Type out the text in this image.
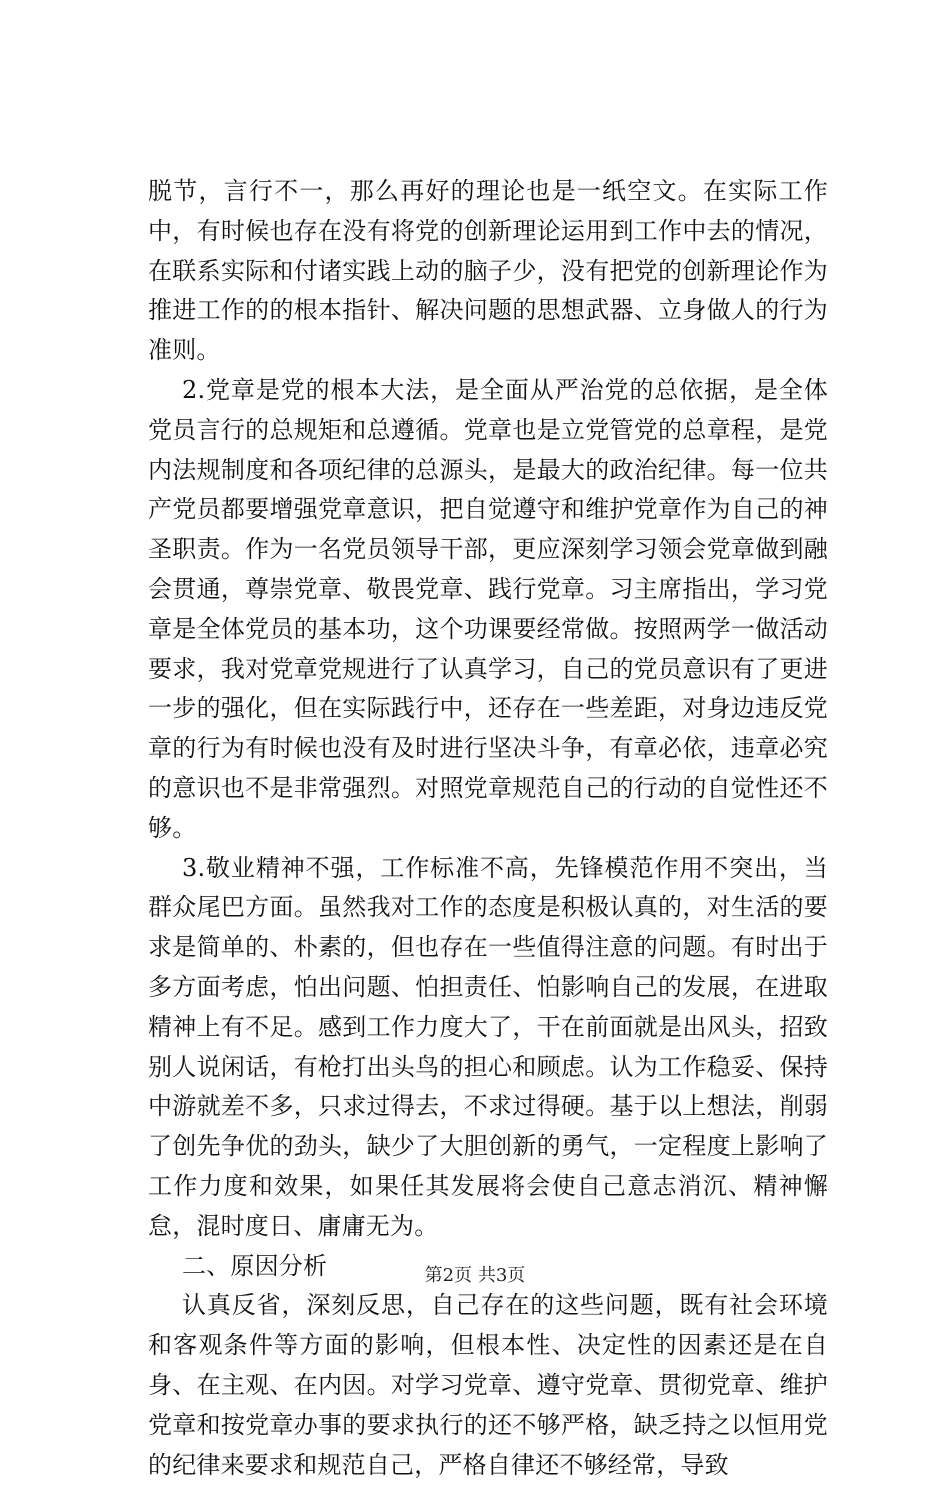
脱节，言行不一，那么再好的理论也是一纸空文。在实际工作中，有时候也存在没有将党的创新理论运用到工作中去的情况，在联系实际和付诸实践上动的脑子少，没有把党的创新理论作为推进工作的的根本指针、解决问题的思想武器、立身做人的行为准则。

2.党章是党的根本大法，是全面从严治党的总依据，是全体党员言行的总规矩和总遵循。党章也是立党管党的总章程，是党内法规制度和各项纪律的总源头，是最大的政治纪律。每一位共产党员都要增强党章意识，把自觉遵守和维护党章作为自己的神圣职责。作为一名党员领导干部，更应深刻学习领会党章做到融会贯通，尊崇党章、敬畏党章、践行党章。习主席指出，学习党章是全体党员的基本功，这个功课要经常做。按照两学一做活动要求，我对党章党规进行了认真学习，自己的党员意识有了更进一步的强化，但在实际践行中，还存在一些差距，对身边违反党章的行为有时候也没有及时进行坚决斗争，有章必依，违章必究的意识也不是非常强烈。对照党章规范自己的行动的自觉性还不够。

3.敬业精神不强，工作标准不高，先锋模范作用不突出，当群众尾巴方面。虽然我对工作的态度是积极认真的，对生活的要求是简单的、朴素的，但也存在一些值得注意的问题。有时出于多方面考虑，怕出问题、怕担责任、怕影响自己的发展，在进取精神上有不足。感到工作力度大了，干在前面就是出风头，招致别人说闲话，有枪打出头鸟的担心和顾虑。认为工作稳妥、保持中游就差不多，只求过得去，不求过得硬。基于以上想法，削弱了创先争优的劲头，缺少了大胆创新的勇气，一定程度上影响了工作力度和效果，如果任其发展将会使自己意志消沉、精神懈怠，混时度日、庸庸无为。

二、原因分析

认真反省，深刻反思，自己存在的这些问题，既有社会环境和客观条件等方面的影响，但根本性、决定性的因素还是在自身、在主观、在内因。对学习党章、遵守党章、贯彻党章、维护党章和按党章办事的要求执行的还不够严格，缺乏持之以恒用党的纪律来要求和规范自己，严格自律还不够经常，导致

第2页 共3页
